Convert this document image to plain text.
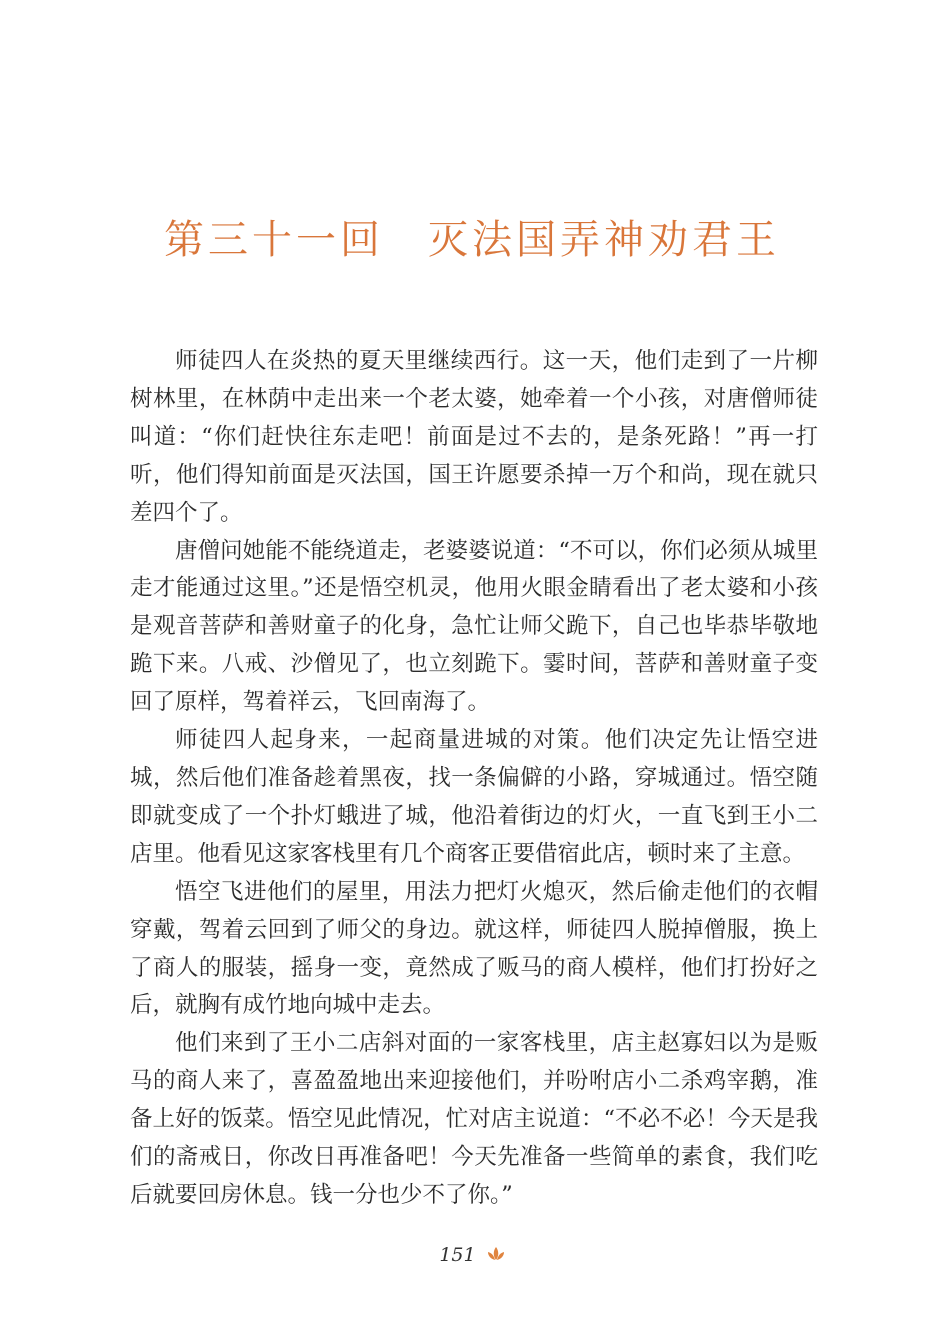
第三十一回　灭法国弄神劝君王

师徒四人在炎热的夏天里继续西行。这一天，他们走到了一片柳树林里，在林荫中走出来一个老太婆，她牵着一个小孩，对唐僧师徒叫道：“你们赶快往东走吧！前面是过不去的，是条死路！”再一打听，他们得知前面是灭法国，国王许愿要杀掉一万个和尚，现在就只差四个了。

唐僧问她能不能绕道走，老婆婆说道：“不可以，你们必须从城里走才能通过这里。”还是悟空机灵，他用火眼金睛看出了老太婆和小孩是观音菩萨和善财童子的化身，急忙让师父跪下，自己也毕恭毕敬地跪下来。八戒、沙僧见了，也立刻跪下。霎时间，菩萨和善财童子变回了原样，驾着祥云，飞回南海了。

师徒四人起身来，一起商量进城的对策。他们决定先让悟空进城，然后他们准备趁着黑夜，找一条偏僻的小路，穿城通过。悟空随即就变成了一个扑灯蛾进了城，他沿着街边的灯火，一直飞到王小二店里。他看见这家客栈里有几个商客正要借宿此店，顿时来了主意。

悟空飞进他们的屋里，用法力把灯火熄灭，然后偷走他们的衣帽穿戴，驾着云回到了师父的身边。就这样，师徒四人脱掉僧服，换上了商人的服装，摇身一变，竟然成了贩马的商人模样，他们打扮好之后，就胸有成竹地向城中走去。

他们来到了王小二店斜对面的一家客栈里，店主赵寡妇以为是贩马的商人来了，喜盈盈地出来迎接他们，并吩咐店小二杀鸡宰鹅，准备上好的饭菜。悟空见此情况，忙对店主说道：“不必不必！今天是我们的斋戒日，你改日再准备吧！今天先准备一些简单的素食，我们吃后就要回房休息。钱一分也少不了你。”

151
